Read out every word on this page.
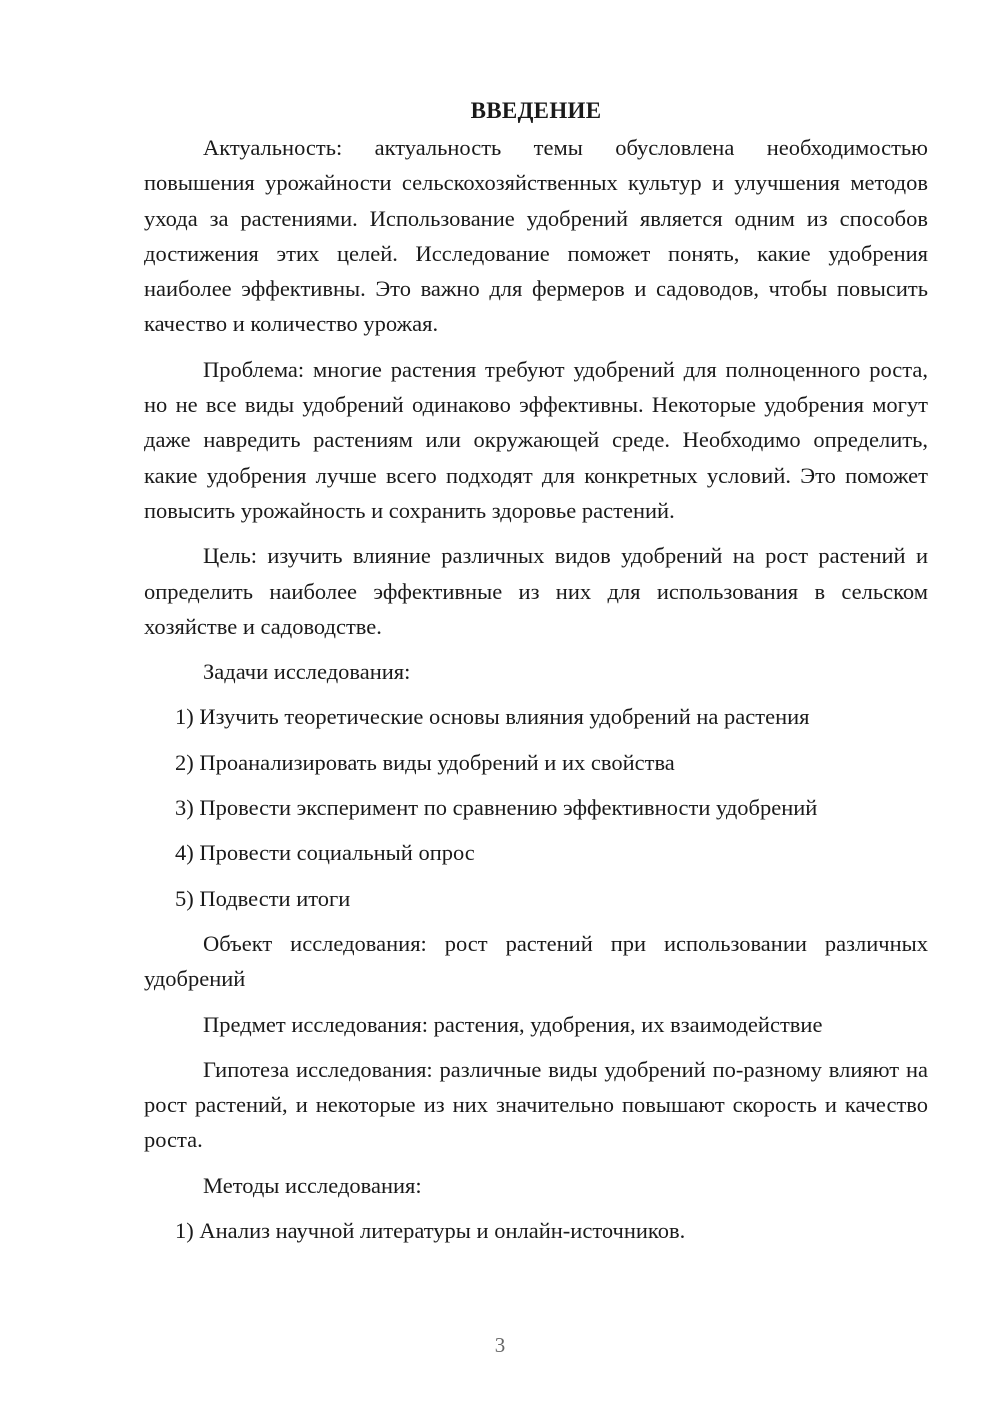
ВВЕДЕНИЕ

Актуальность: актуальность темы обусловлена необходимостью повышения урожайности сельскохозяйственных культур и улучшения методов ухода за растениями. Использование удобрений является одним из способов достижения этих целей. Исследование поможет понять, какие удобрения наиболее эффективны. Это важно для фермеров и садоводов, чтобы повысить качество и количество урожая.

Проблема: многие растения требуют удобрений для полноценного роста, но не все виды удобрений одинаково эффективны. Некоторые удобрения могут даже навредить растениям или окружающей среде. Необходимо определить, какие удобрения лучше всего подходят для конкретных условий. Это поможет повысить урожайность и сохранить здоровье растений.

Цель: изучить влияние различных видов удобрений на рост растений и определить наиболее эффективные из них для использования в сельском хозяйстве и садоводстве.

Задачи исследования:

1) Изучить теоретические основы влияния удобрений на растения
2) Проанализировать виды удобрений и их свойства
3) Провести эксперимент по сравнению эффективности удобрений
4) Провести социальный опрос
5) Подвести итоги

Объект исследования: рост растений при использовании различных удобрений

Предмет исследования: растения, удобрения, их взаимодействие

Гипотеза исследования: различные виды удобрений по-разному влияют на рост растений, и некоторые из них значительно повышают скорость и качество роста.

Методы исследования:

1) Анализ научной литературы и онлайн-источников.
3
